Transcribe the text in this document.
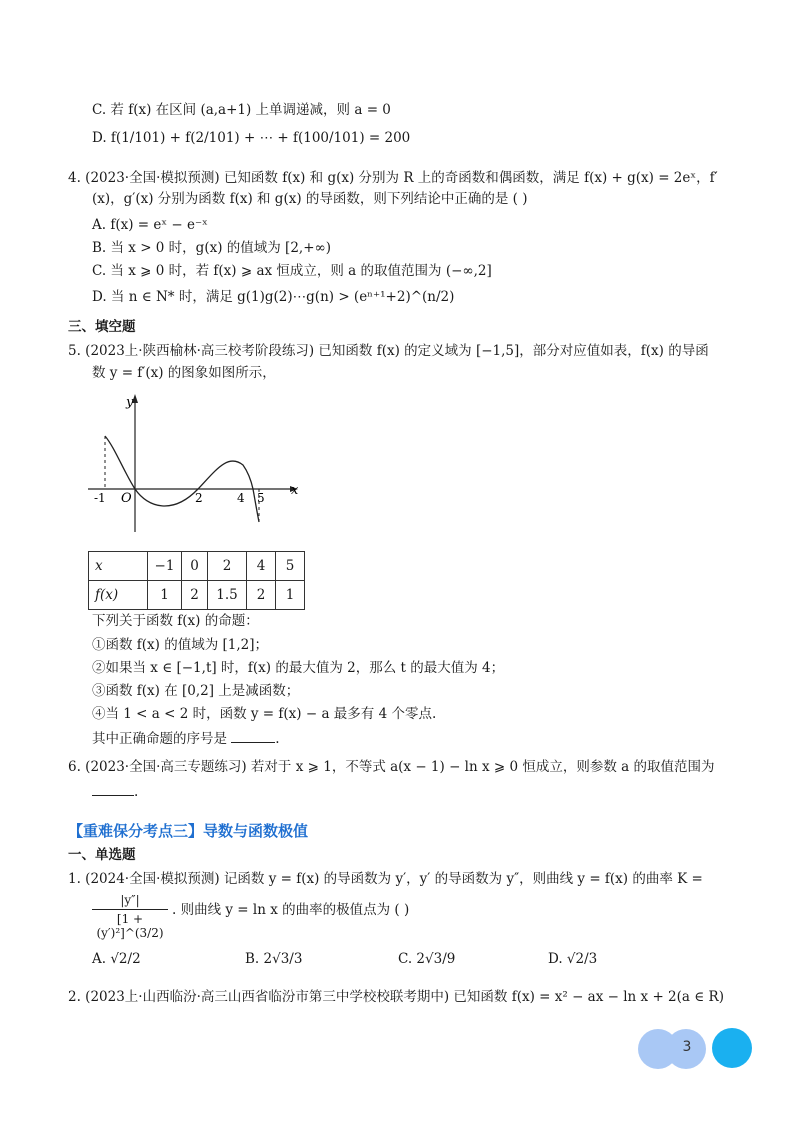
C. 若 f(x) 在区间 (a,a+1) 上单调递减，则 a = 0
D. f(1/101) + f(2/101) + ⋯ + f(100/101) = 200
4. (2023·全国·模拟预测) 已知函数 f(x) 和 g(x) 分别为 R 上的奇函数和偶函数，满足 f(x) + g(x) = 2eˣ，f′
(x)，g′(x) 分别为函数 f(x) 和 g(x) 的导函数，则下列结论中正确的是 ( )
A. f(x) = eˣ − e⁻ˣ
B. 当 x > 0 时，g(x) 的值域为 [2,+∞)
C. 当 x ⩾ 0 时，若 f(x) ⩾ ax 恒成立，则 a 的取值范围为 (−∞,2]
D. 当 n ∈ N* 时，满足 g(1)g(2)⋯g(n) > (eⁿ⁺¹+2)^(n/2)
三、填空题
5. (2023上·陕西榆林·高三校考阶段练习) 已知函数 f(x) 的定义域为 [−1,5]，部分对应值如表，f(x) 的导函
数 y = f′(x) 的图象如图所示，
y
O
-1	2	4 5 x
x	−1	0	2	4	5
f(x)	1	2	1.5	2	1
下列关于函数 f(x) 的命题：
①函数 f(x) 的值域为 [1,2]；
②如果当 x ∈ [−1,t] 时，f(x) 的最大值为 2，那么 t 的最大值为 4；
③函数 f(x) 在 [0,2] 上是减函数；
④当 1 < a < 2 时，函数 y = f(x) − a 最多有 4 个零点.
其中正确命题的序号是	.
6. (2023·全国·高三专题练习) 若对于 x ⩾ 1，不等式 a(x − 1) − ln x ⩾ 0 恒成立，则参数 a 的取值范围为
.
【重难保分考点三】导数与函数极值
一、单选题
1. (2024·全国·模拟预测) 记函数 y = f(x) 的导函数为 y′，y′ 的导函数为 y″，则曲线 y = f(x) 的曲率 K =
$\frac{|y''|}{\text{[1 + (y′)²]\textasciicircum{}(3/2)}}$ . 则曲线 y = ln x 的曲率的极值点为 ( )
A. √2/2	B. 2√3/3	C. 2√3/9	D. √2/3
2. (2023上·山西临汾·高三山西省临汾市第三中学校校联考期中) 已知函数 f(x) = x² − ax − ln x + 2(a ∈ R)
3
